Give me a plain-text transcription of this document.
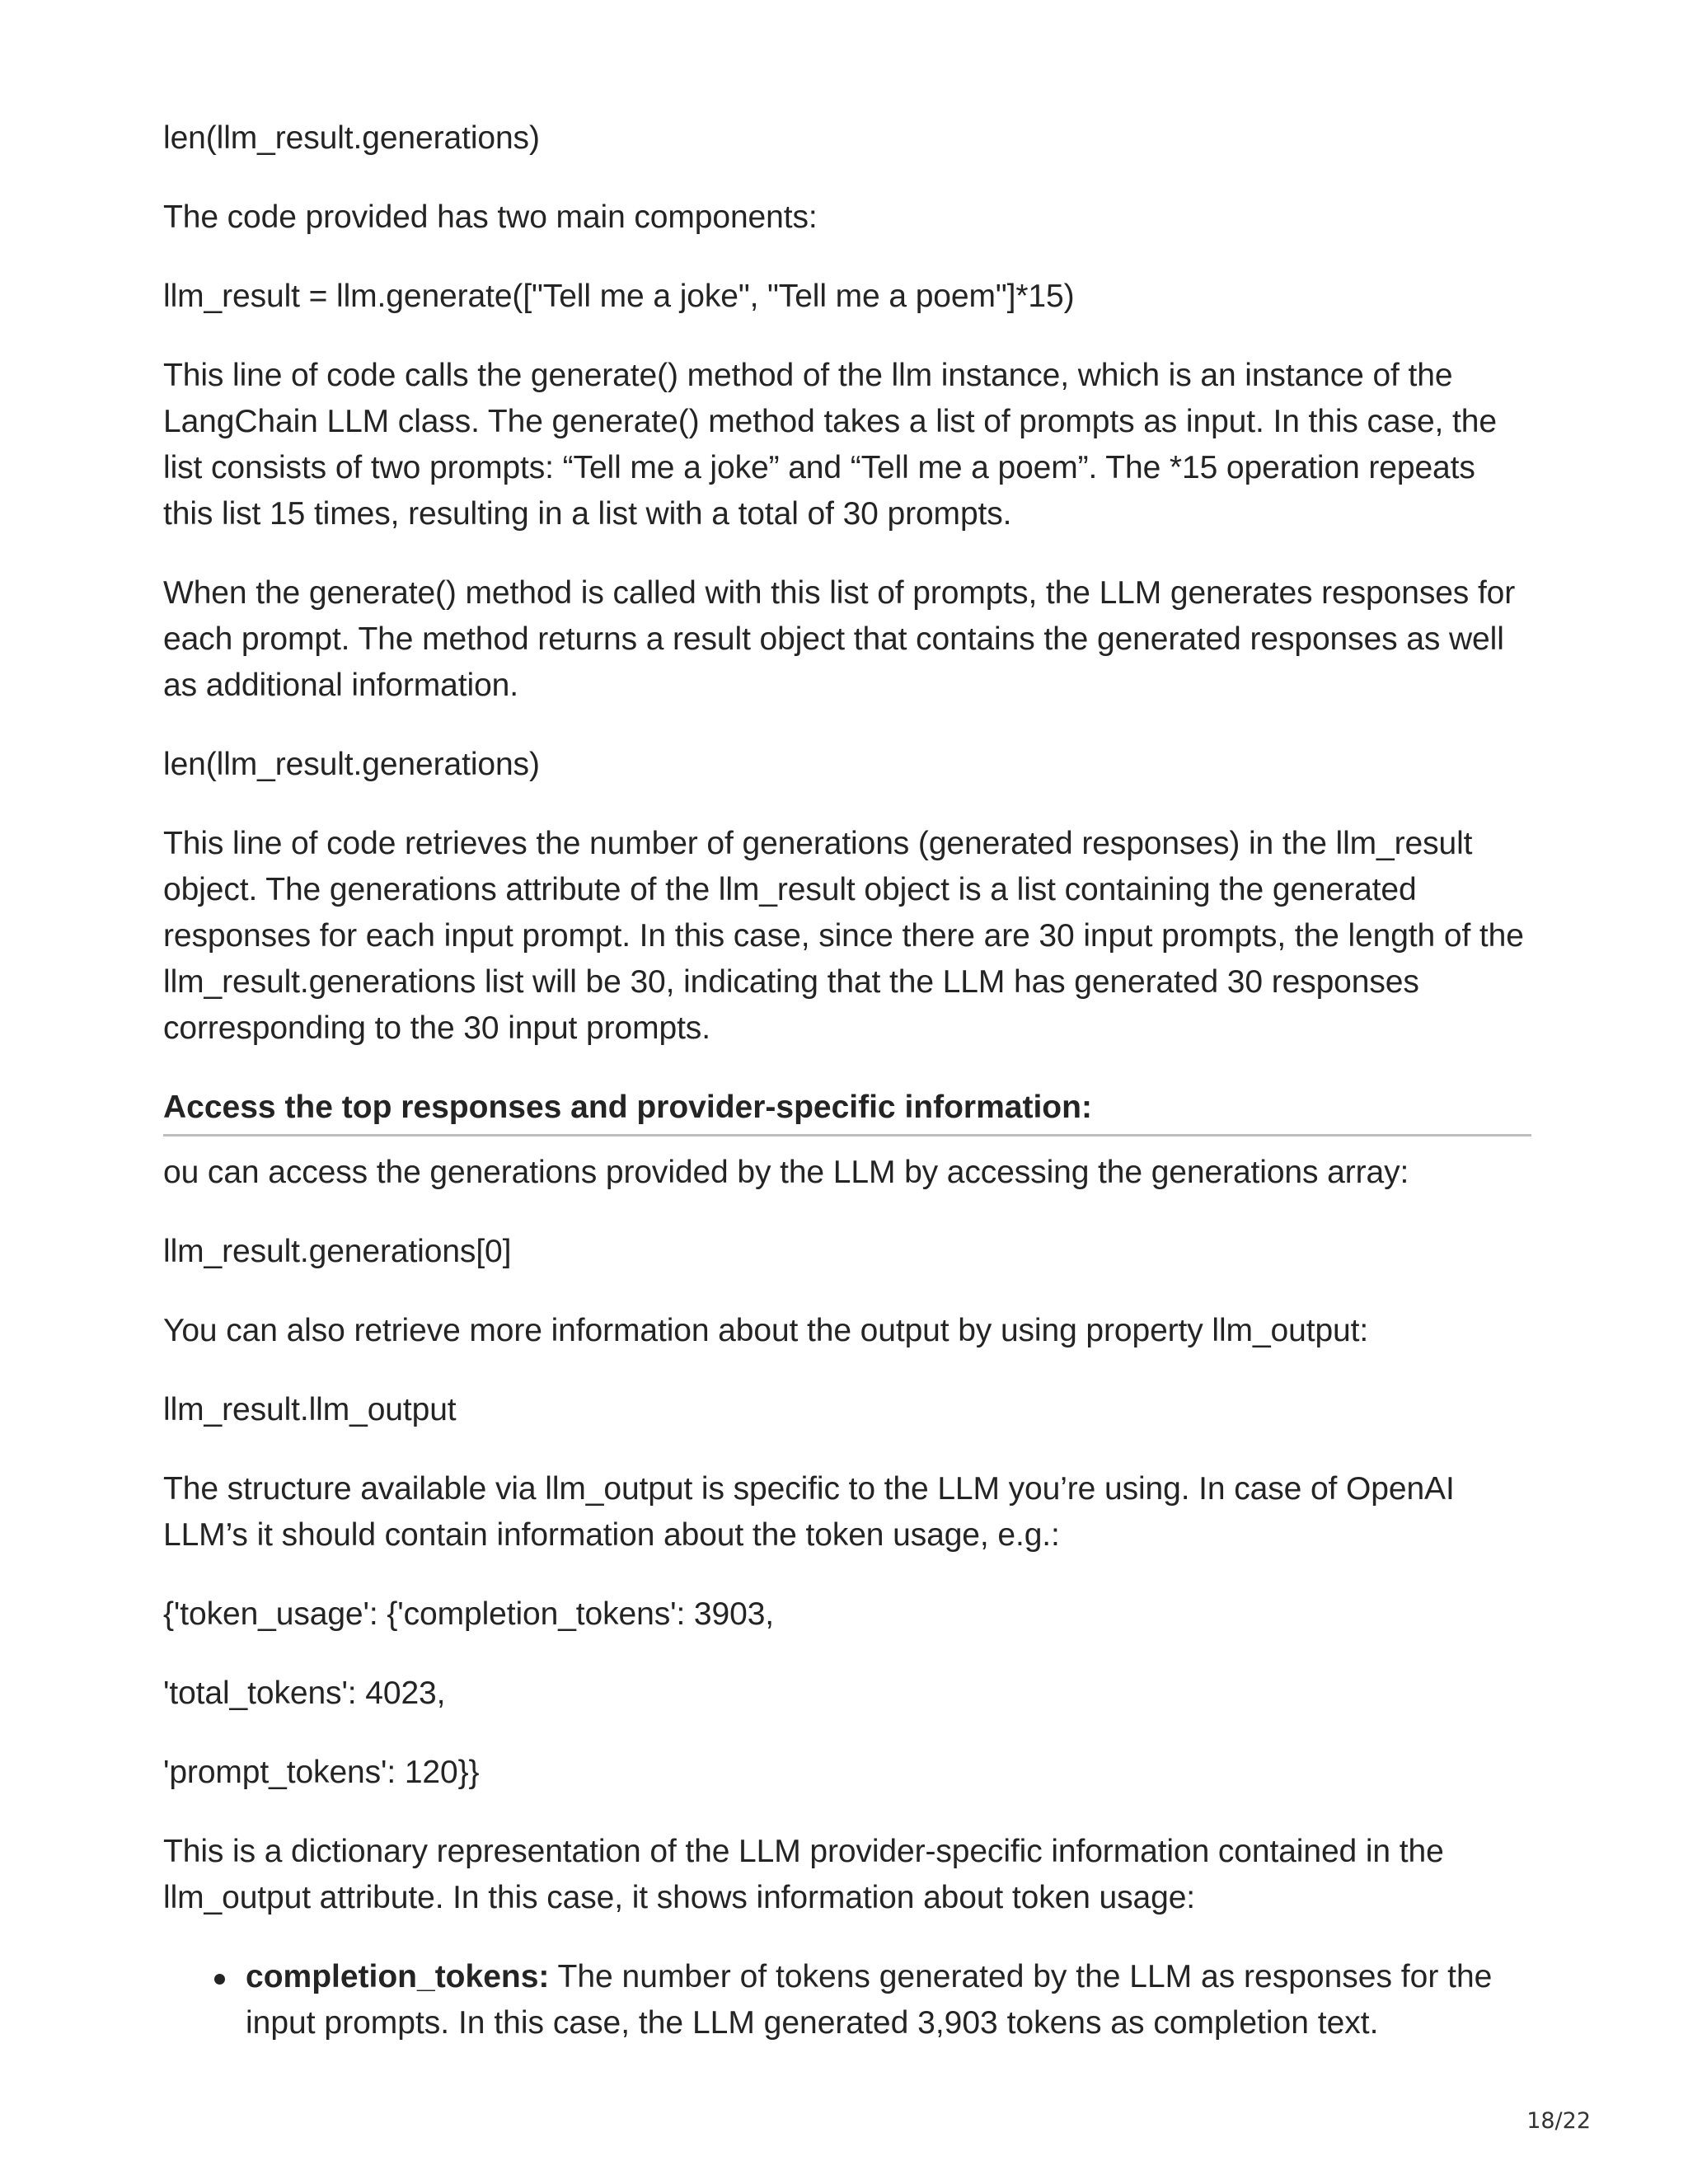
len(llm_result.generations)

The code provided has two main components:

llm_result = llm.generate(["Tell me a joke", "Tell me a poem"]*15)

This line of code calls the generate() method of the llm instance, which is an instance of the LangChain LLM class. The generate() method takes a list of prompts as input. In this case, the list consists of two prompts: “Tell me a joke” and “Tell me a poem”. The *15 operation repeats this list 15 times, resulting in a list with a total of 30 prompts.

When the generate() method is called with this list of prompts, the LLM generates responses for each prompt. The method returns a result object that contains the generated responses as well as additional information.

len(llm_result.generations)

This line of code retrieves the number of generations (generated responses) in the llm_result object. The generations attribute of the llm_result object is a list containing the generated responses for each input prompt. In this case, since there are 30 input prompts, the length of the llm_result.generations list will be 30, indicating that the LLM has generated 30 responses corresponding to the 30 input prompts.

Access the top responses and provider-specific information:

ou can access the generations provided by the LLM by accessing the generations array:

llm_result.generations[0]

You can also retrieve more information about the output by using property llm_output:

llm_result.llm_output

The structure available via llm_output is specific to the LLM you’re using. In case of OpenAI LLM’s it should contain information about the token usage, e.g.:

{'token_usage': {'completion_tokens': 3903,

'total_tokens': 4023,

'prompt_tokens': 120}}

This is a dictionary representation of the LLM provider-specific information contained in the llm_output attribute. In this case, it shows information about token usage:

completion_tokens: The number of tokens generated by the LLM as responses for the input prompts. In this case, the LLM generated 3,903 tokens as completion text.
18/22
